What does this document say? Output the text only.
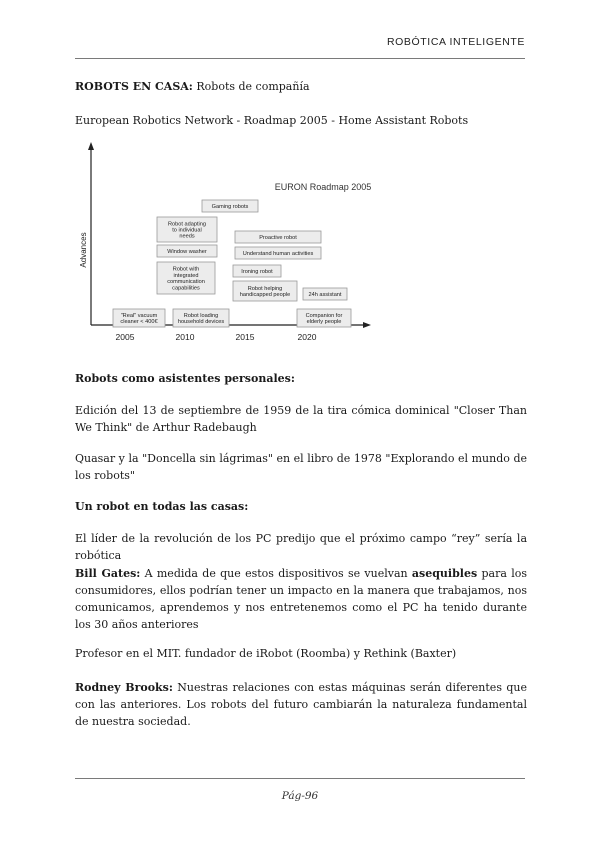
ROBÓTICA INTELIGENTE

ROBOTS EN CASA: Robots de compañía

European Robotics Network - Roadmap 2005 - Home Assistant Robots

Advances
EURON Roadmap 2005
2005	2010	2015	2020
Gaming robots
Robot adapting
to individual
needs
Window washer
Robot with
integrated
communication
capabilities
Proactive robot
Understand human activities
Ironing robot
Robot helping
handicapped people	24h assistant
"Real" vacuum
cleaner < 400€
Robot loading
household devices
Companion for
elderly people

Robots como asistentes personales:

Edición del 13 de septiembre de 1959 de la tira cómica dominical "Closer Than We Think" de Arthur Radebaugh

Quasar y la "Doncella sin lágrimas" en el libro de 1978 "Explorando el mundo de los robots"

Un robot en todas las casas:

El líder de la revolución de los PC predijo que el próximo campo “rey” sería la robótica

Bill Gates: A medida de que estos dispositivos se vuelvan asequibles para los consumidores, ellos podrían tener un impacto en la manera que trabajamos, nos comunicamos, aprendemos y nos entretenemos como el PC ha tenido durante los 30 años anteriores

Profesor en el MIT. fundador de iRobot (Roomba) y Rethink (Baxter)

Rodney Brooks: Nuestras relaciones con estas máquinas serán diferentes que con las anteriores. Los robots del futuro cambiarán la naturaleza fundamental de nuestra sociedad.

Pág-96
